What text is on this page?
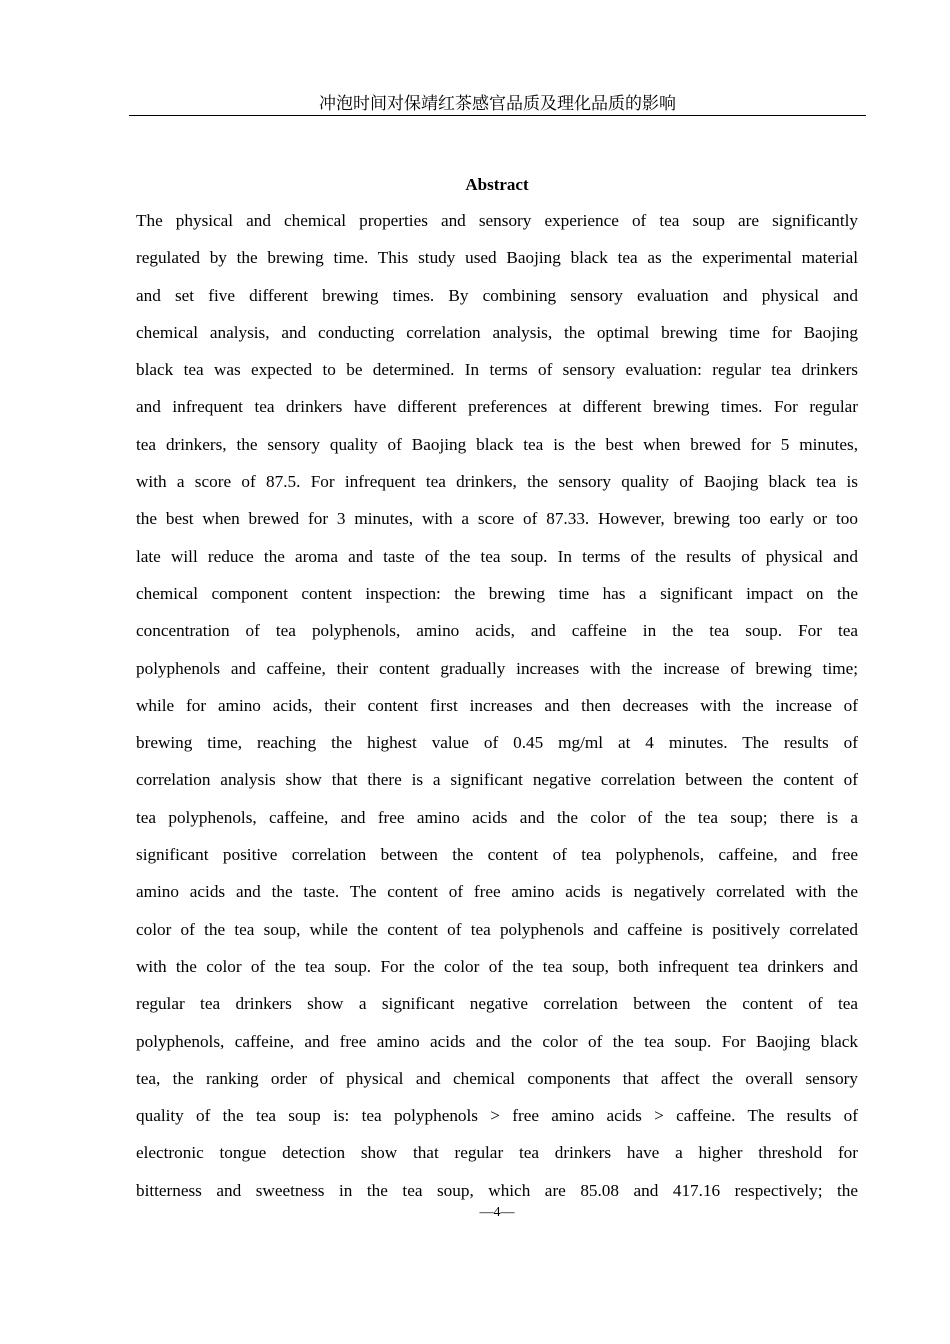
冲泡时间对保靖红茶感官品质及理化品质的影响
Abstract
The physical and chemical properties and sensory experience of tea soup are significantly
regulated by the brewing time. This study used Baojing black tea as the experimental material
and set five different brewing times. By combining sensory evaluation and physical and
chemical analysis, and conducting correlation analysis, the optimal brewing time for Baojing
black tea was expected to be determined. In terms of sensory evaluation: regular tea drinkers
and infrequent tea drinkers have different preferences at different brewing times. For regular
tea drinkers, the sensory quality of Baojing black tea is the best when brewed for 5 minutes,
with a score of 87.5. For infrequent tea drinkers, the sensory quality of Baojing black tea is
the best when brewed for 3 minutes, with a score of 87.33. However, brewing too early or too
late will reduce the aroma and taste of the tea soup. In terms of the results of physical and
chemical component content inspection: the brewing time has a significant impact on the
concentration of tea polyphenols, amino acids, and caffeine in the tea soup. For tea
polyphenols and caffeine, their content gradually increases with the increase of brewing time;
while for amino acids, their content first increases and then decreases with the increase of
brewing time, reaching the highest value of 0.45 mg/ml at 4 minutes. The results of
correlation analysis show that there is a significant negative correlation between the content of
tea polyphenols, caffeine, and free amino acids and the color of the tea soup; there is a
significant positive correlation between the content of tea polyphenols, caffeine, and free
amino acids and the taste. The content of free amino acids is negatively correlated with the
color of the tea soup, while the content of tea polyphenols and caffeine is positively correlated
with the color of the tea soup. For the color of the tea soup, both infrequent tea drinkers and
regular tea drinkers show a significant negative correlation between the content of tea
polyphenols, caffeine, and free amino acids and the color of the tea soup. For Baojing black
tea, the ranking order of physical and chemical components that affect the overall sensory
quality of the tea soup is: tea polyphenols > free amino acids > caffeine. The results of
electronic tongue detection show that regular tea drinkers have a higher threshold for
bitterness and sweetness in the tea soup, which are 85.08 and 417.16 respectively; the
—4—
